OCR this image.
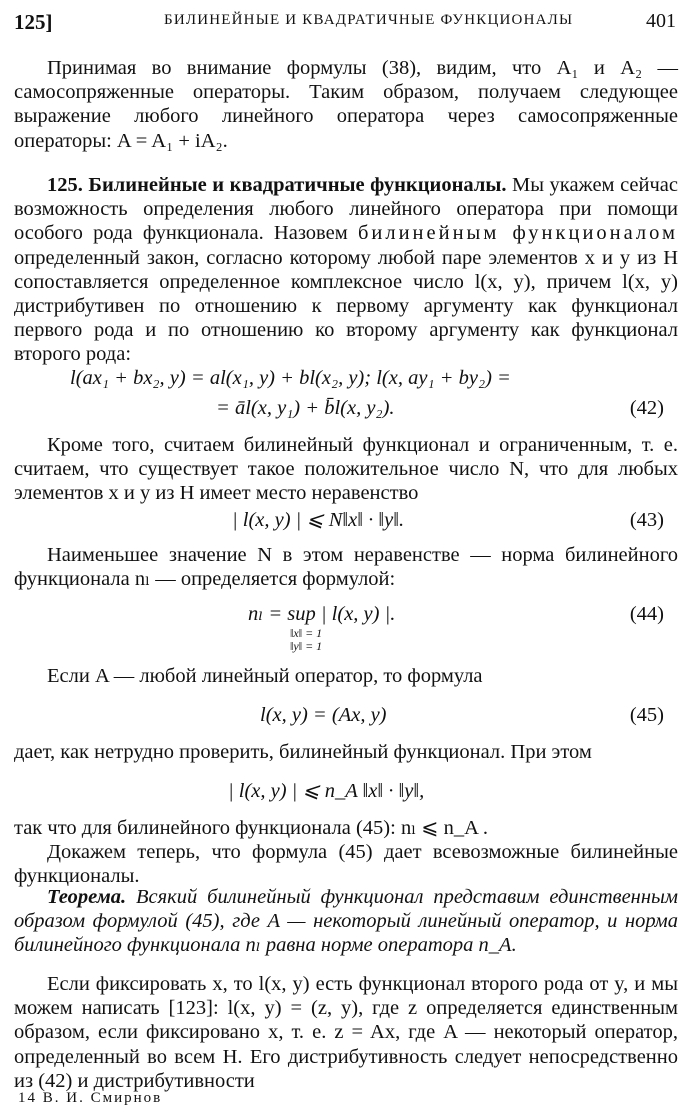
125]	БИЛИНЕЙНЫЕ И КВАДРАТИЧНЫЕ ФУНКЦИОНАЛЫ	401

Принимая во внимание формулы (38), видим, что A₁ и A₂ — самосопряженные операторы. Таким образом, получаем следующее выражение любого линейного оператора через самосопряженные операторы: A = A₁ + iA₂.

125. Билинейные и квадратичные функционалы. Мы укажем сейчас возможность определения любого линейного оператора при помощи особого рода функционала. Назовем билинейным функционалом определенный закон, согласно которому любой паре элементов x и y из H сопоставляется определенное комплексное число l(x, y), причем l(x, y) дистрибутивен по отношению к первому аргументу как функционал первого рода и по отношению ко второму аргументу как функционал второго рода:

l(ax₁ + bx₂, y) = al(x₁, y) + bl(x₂, y); l(x, ay₁ + by₂) =
= āl(x, y₁) + b̄l(x, y₂).	(42)

Кроме того, считаем билинейный функционал и ограниченным, т. е. считаем, что существует такое положительное число N, что для любых элементов x и y из H имеет место неравенство

| l(x, y) | ⩽ N‖x‖ · ‖y‖.	(43)

Наименьшее значение N в этом неравенстве — норма билинейного функционала nₗ — определяется формулой:

nₗ = sup | l(x, y) |.
‖x‖ = 1
‖y‖ = 1
(44)

Если A — любой линейный оператор, то формула

l(x, y) = (Ax, y)	(45)

дает, как нетрудно проверить, билинейный функционал. При этом

| l(x, y) | ⩽ n_A ‖x‖ · ‖y‖,

так что для билинейного функционала (45): nₗ ⩽ n_A .

Докажем теперь, что формула (45) дает всевозможные билинейные функционалы.

Теорема. Всякий билинейный функционал представим единственным образом формулой (45), где A — некоторый линейный оператор, и норма билинейного функционала nₗ равна норме оператора n_A.

Если фиксировать x, то l(x, y) есть функционал второго рода от y, и мы можем написать [123]: l(x, y) = (z, y), где z определяется единственным образом, если фиксировано x, т. е. z = Ax, где A — некоторый оператор, определенный во всем H. Его дистрибутивность следует непосредственно из (42) и дистрибутивности

14 В. И. Смирнов
